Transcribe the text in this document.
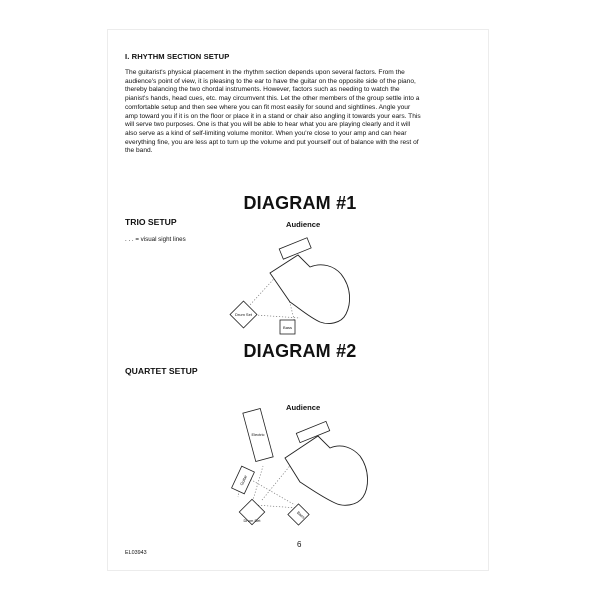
I. RHYTHM SECTION SETUP
The guitarist's physical placement in the rhythm section depends upon several factors. From the
audience's point of view, it is pleasing to the ear to have the guitar on the opposite side of the piano,
thereby balancing the two chordal instruments. However, factors such as needing to watch the
pianist's hands, head cues, etc. may circumvent this. Let the other members of the group settle into a
comfortable setup and then see where you can fit most easily for sound and sightlines. Angle your
amp toward you if it is on the floor or place it in a stand or chair also angling it towards your ears. This
will serve two purposes. One is that you will be able to hear what you are playing clearly and it will
also serve as a kind of self-limiting volume monitor. When you're close to your amp and can hear
everything fine, you are less apt to turn up the volume and put yourself out of balance with the rest of
the band.
DIAGRAM #1
TRIO SETUP
. . . = visual sight lines
Audience
Drum Set
Bass
DIAGRAM #2
QUARTET SETUP
Audience
Electric
Guitar
Drum Set
Bass
6
EL03943
